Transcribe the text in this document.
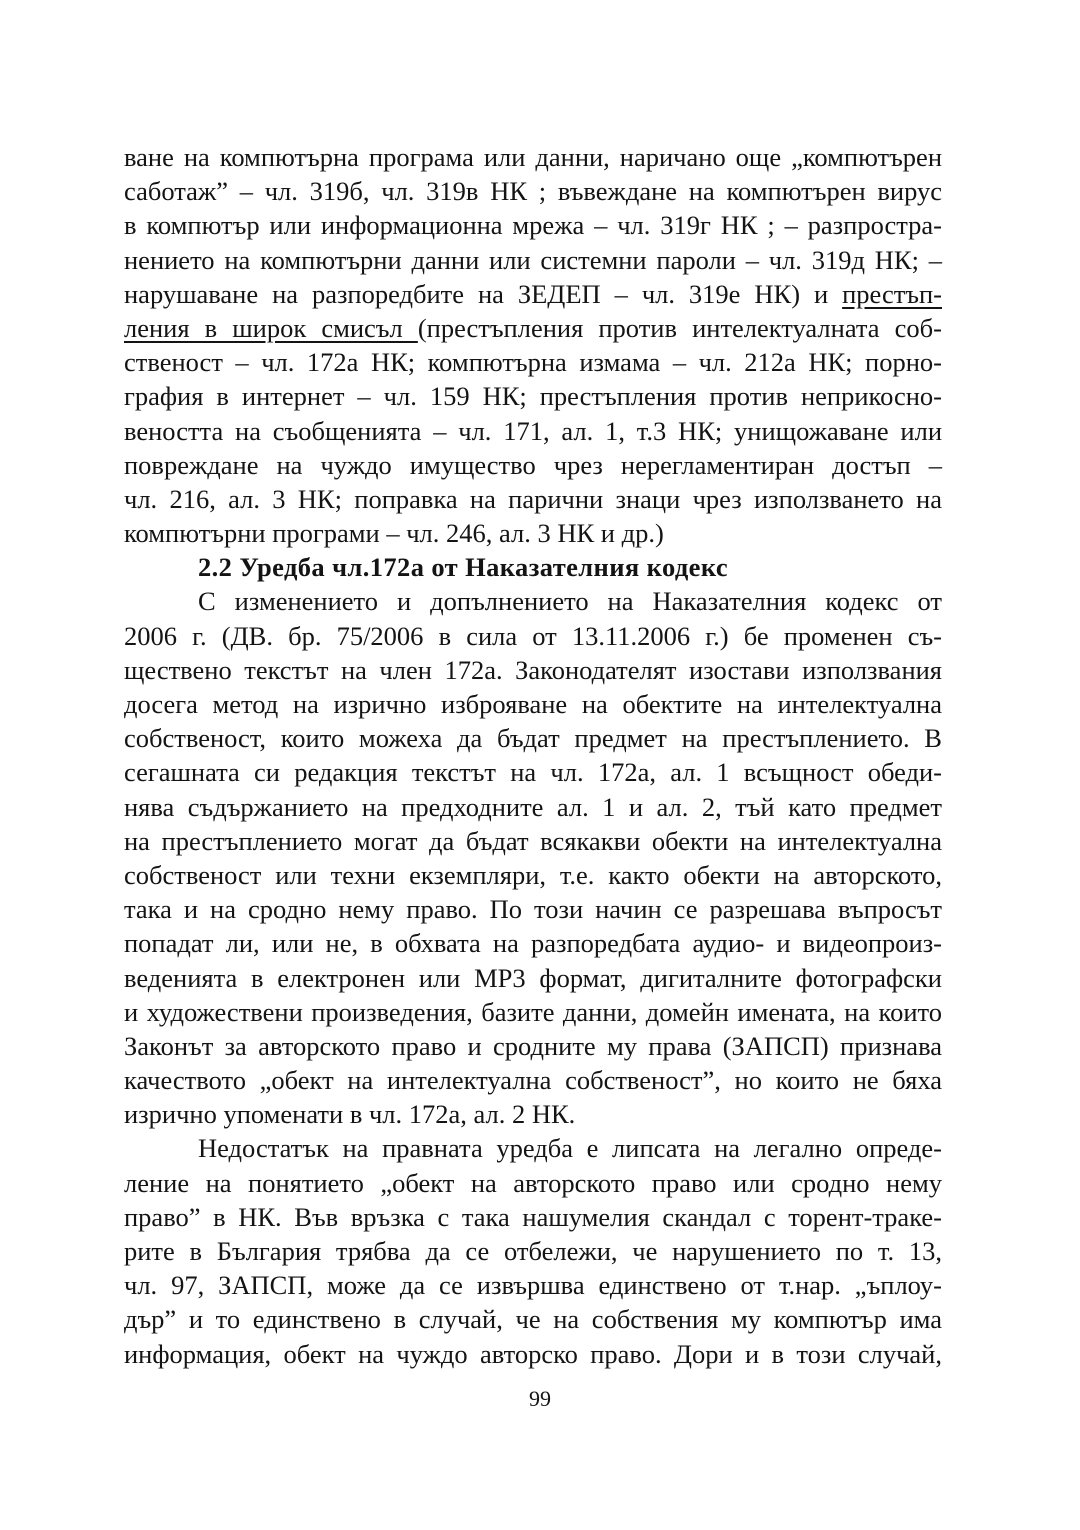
ване на компютърна програма или данни, наричано още „компютърен
саботаж” – чл. 319б, чл. 319в НК ; въвеждане на компютърен вирус
в компютър или информационна мрежа – чл. 319г НК ; – разпростра-
нението на компютърни данни или системни пароли – чл. 319д НК; –
нарушаване на разпоредбите на ЗЕДЕП – чл. 319е НК) и престъп-
ления в широк смисъл (престъпления против интелектуалната соб-
ственост – чл. 172а НК; компютърна измама – чл. 212а НК; порно-
графия в интернет – чл. 159 НК; престъпления против неприкосно-
веността на съобщенията – чл. 171, ал. 1, т.3 НК; унищожаване или
повреждане на чуждо имущество чрез нерегламентиран достъп –
чл. 216, ал. 3 НК; поправка на парични знаци чрез използването на
компютърни програми – чл. 246, ал. 3 НК и др.)
2.2 Уредба чл.172а от Наказателния кодекс
С изменението и допълнението на Наказателния кодекс от
2006 г. (ДВ. бр. 75/2006 в сила от 13.11.2006 г.) бе променен съ-
ществено текстът на член 172а. Законодателят изостави използвания
досега метод на изрично изброяване на обектите на интелектуална
собственост, които можеха да бъдат предмет на престъплението. В
сегашната си редакция текстът на чл. 172а, ал. 1 всъщност обеди-
нява съдържанието на предходните ал. 1 и ал. 2, тъй като предмет
на престъплението могат да бъдат всякакви обекти на интелектуална
собственост или техни екземпляри, т.е. както обекти на авторското,
така и на сродно нему право. По този начин се разрешава въпросът
попадат ли, или не, в обхвата на разпоредбата аудио- и видеопроиз-
веденията в електронен или МР3 формат, дигиталните фотографски
и художествени произведения, базите данни, домейн имената, на които
Законът за авторското право и сродните му права (ЗАПСП) признава
качеството „обект на интелектуална собственост”, но които не бяха
изрично упоменати в чл. 172а, ал. 2 НК.
Недостатък на правната уредба е липсата на легално опреде-
ление на понятието „обект на авторското право или сродно нему
право” в НК. Във връзка с така нашумелия скандал с торент-траке-
рите в България трябва да се отбележи, че нарушението по т. 13,
чл. 97, ЗАПСП, може да се извършва единствено от т.нар. „ъплоу-
дър” и то единствено в случай, че на собствения му компютър има
информация, обект на чуждо авторско право. Дори и в този случай,
99
